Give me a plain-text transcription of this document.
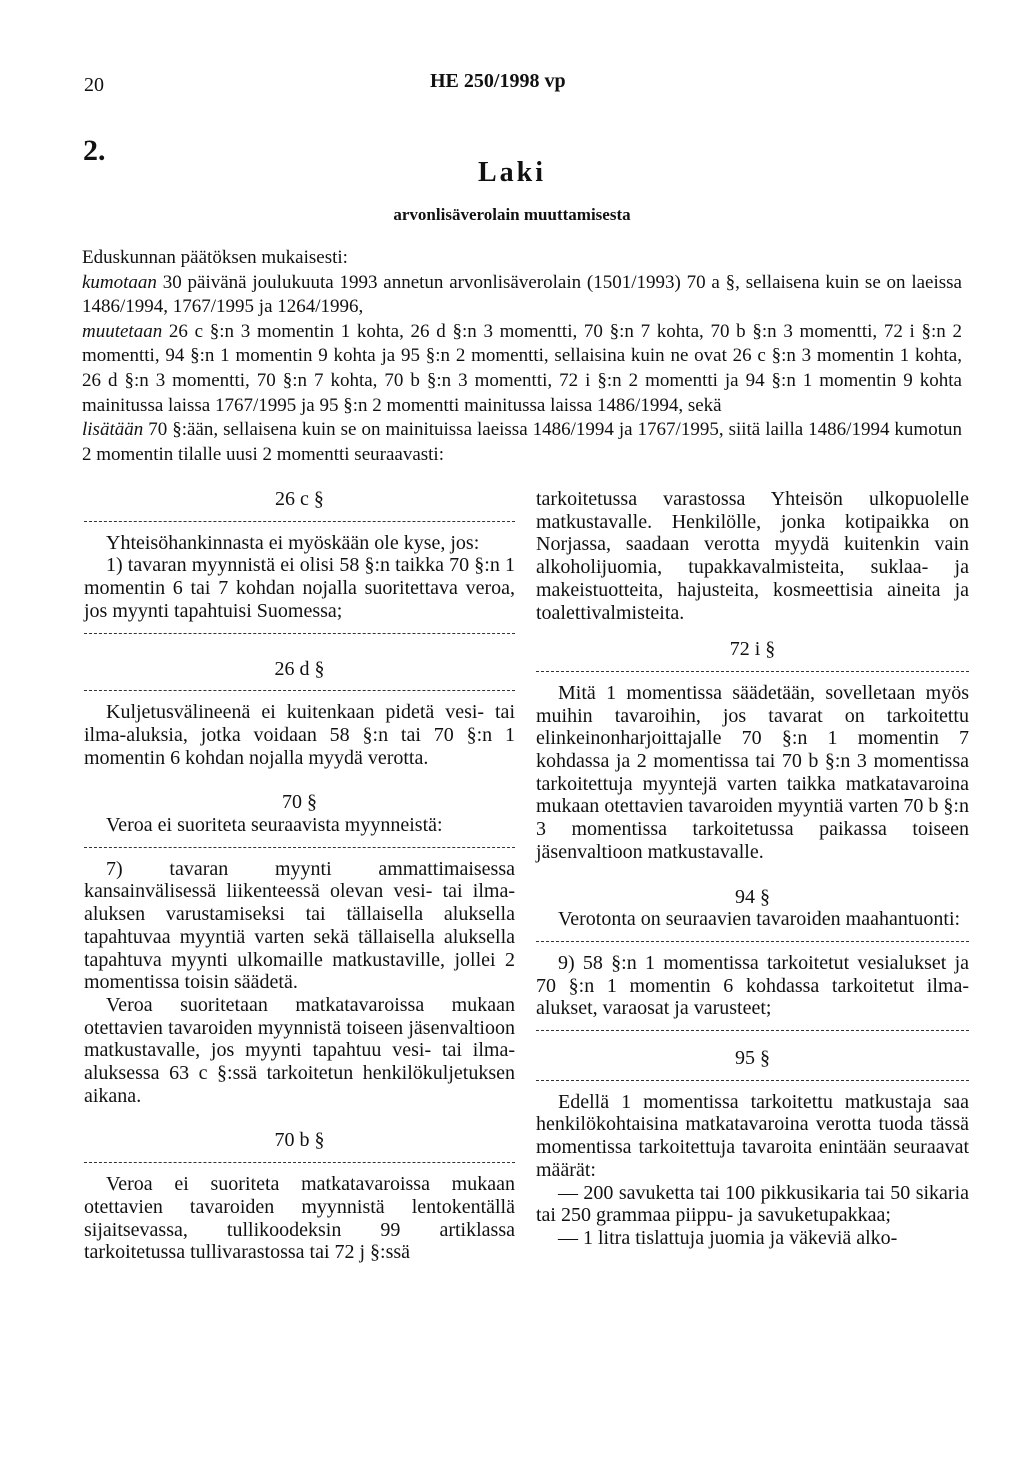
20	HE 250/1998 vp
2.
Laki
arvonlisäverolain muuttamisesta

Eduskunnan päätöksen mukaisesti:

kumotaan 30 päivänä joulukuuta 1993 annetun arvonlisäverolain (1501/1993) 70 a §, sellaisena kuin se on laeissa 1486/1994, 1767/1995 ja 1264/1996,

muutetaan 26 c §:n 3 momentin 1 kohta, 26 d §:n 3 momentti, 70 §:n 7 kohta, 70 b §:n 3 momentti, 72 i §:n 2 momentti, 94 §:n 1 momentin 9 kohta ja 95 §:n 2 momentti, sellaisina kuin ne ovat 26 c §:n 3 momentin 1 kohta, 26 d §:n 3 momentti, 70 §:n 7 kohta, 70 b §:n 3 momentti, 72 i §:n 2 momentti ja 94 §:n 1 momentin 9 kohta mainitussa laissa 1767/1995 ja 95 §:n 2 momentti mainitussa laissa 1486/1994, sekä

lisätään 70 §:ään, sellaisena kuin se on mainituissa laeissa 1486/1994 ja 1767/1995, siitä lailla 1486/1994 kumotun 2 momentin tilalle uusi 2 momentti seuraavasti:

26 c §

Yhteisöhankinnasta ei myöskään ole kyse, jos:

1) tavaran myynnistä ei olisi 58 §:n taikka 70 §:n 1 momentin 6 tai 7 kohdan nojalla suoritettava veroa, jos myynti tapahtuisi Suomessa;

26 d §

Kuljetusvälineenä ei kuitenkaan pidetä vesi- tai ilma-aluksia, jotka voidaan 58 §:n tai 70 §:n 1 momentin 6 kohdan nojalla myydä verotta.

70 §

Veroa ei suoriteta seuraavista myynneistä:

7) tavaran myynti ammattimaisessa kansainvälisessä liikenteessä olevan vesi- tai ilma-aluksen varustamiseksi tai tällaisella aluksella tapahtuvaa myyntiä varten sekä tällaisella aluksella tapahtuva myynti ulkomaille matkustaville, jollei 2 momentissa toisin säädetä.

Veroa suoritetaan matkatavaroissa mukaan otettavien tavaroiden myynnistä toiseen jäsenvaltioon matkustavalle, jos myynti tapahtuu vesi- tai ilma-aluksessa 63 c §:ssä tarkoitetun henkilökuljetuksen aikana.

70 b §

Veroa ei suoriteta matkatavaroissa mukaan otettavien tavaroiden myynnistä lentokentällä sijaitsevassa, tullikoodeksin 99 artiklassa tarkoitetussa tullivarastossa tai 72 j §:ssä

tarkoitetussa varastossa Yhteisön ulkopuolelle matkustavalle. Henkilölle, jonka kotipaikka on Norjassa, saadaan verotta myydä kuitenkin vain alkoholijuomia, tupakkavalmisteita, suklaa- ja makeistuotteita, hajusteita, kosmeettisia aineita ja toalettivalmisteita.

72 i §

Mitä 1 momentissa säädetään, sovelletaan myös muihin tavaroihin, jos tavarat on tarkoitettu elinkeinonharjoittajalle 70 §:n 1 momentin 7 kohdassa ja 2 momentissa tai 70 b §:n 3 momentissa tarkoitettuja myyntejä varten taikka matkatavaroina mukaan otettavien tavaroiden myyntiä varten 70 b §:n 3 momentissa tarkoitetussa paikassa toiseen jäsenvaltioon matkustavalle.

94 §

Verotonta on seuraavien tavaroiden maahantuonti:

9) 58 §:n 1 momentissa tarkoitetut vesialukset ja 70 §:n 1 momentin 6 kohdassa tarkoitetut ilma-alukset, varaosat ja varusteet;

95 §

Edellä 1 momentissa tarkoitettu matkustaja saa henkilökohtaisina matkatavaroina verotta tuoda tässä momentissa tarkoitettuja tavaroita enintään seuraavat määrät:

— 200 savuketta tai 100 pikkusikaria tai 50 sikaria tai 250 grammaa piippu- ja savuketupakkaa;

— 1 litra tislattuja juomia ja väkeviä alko-
